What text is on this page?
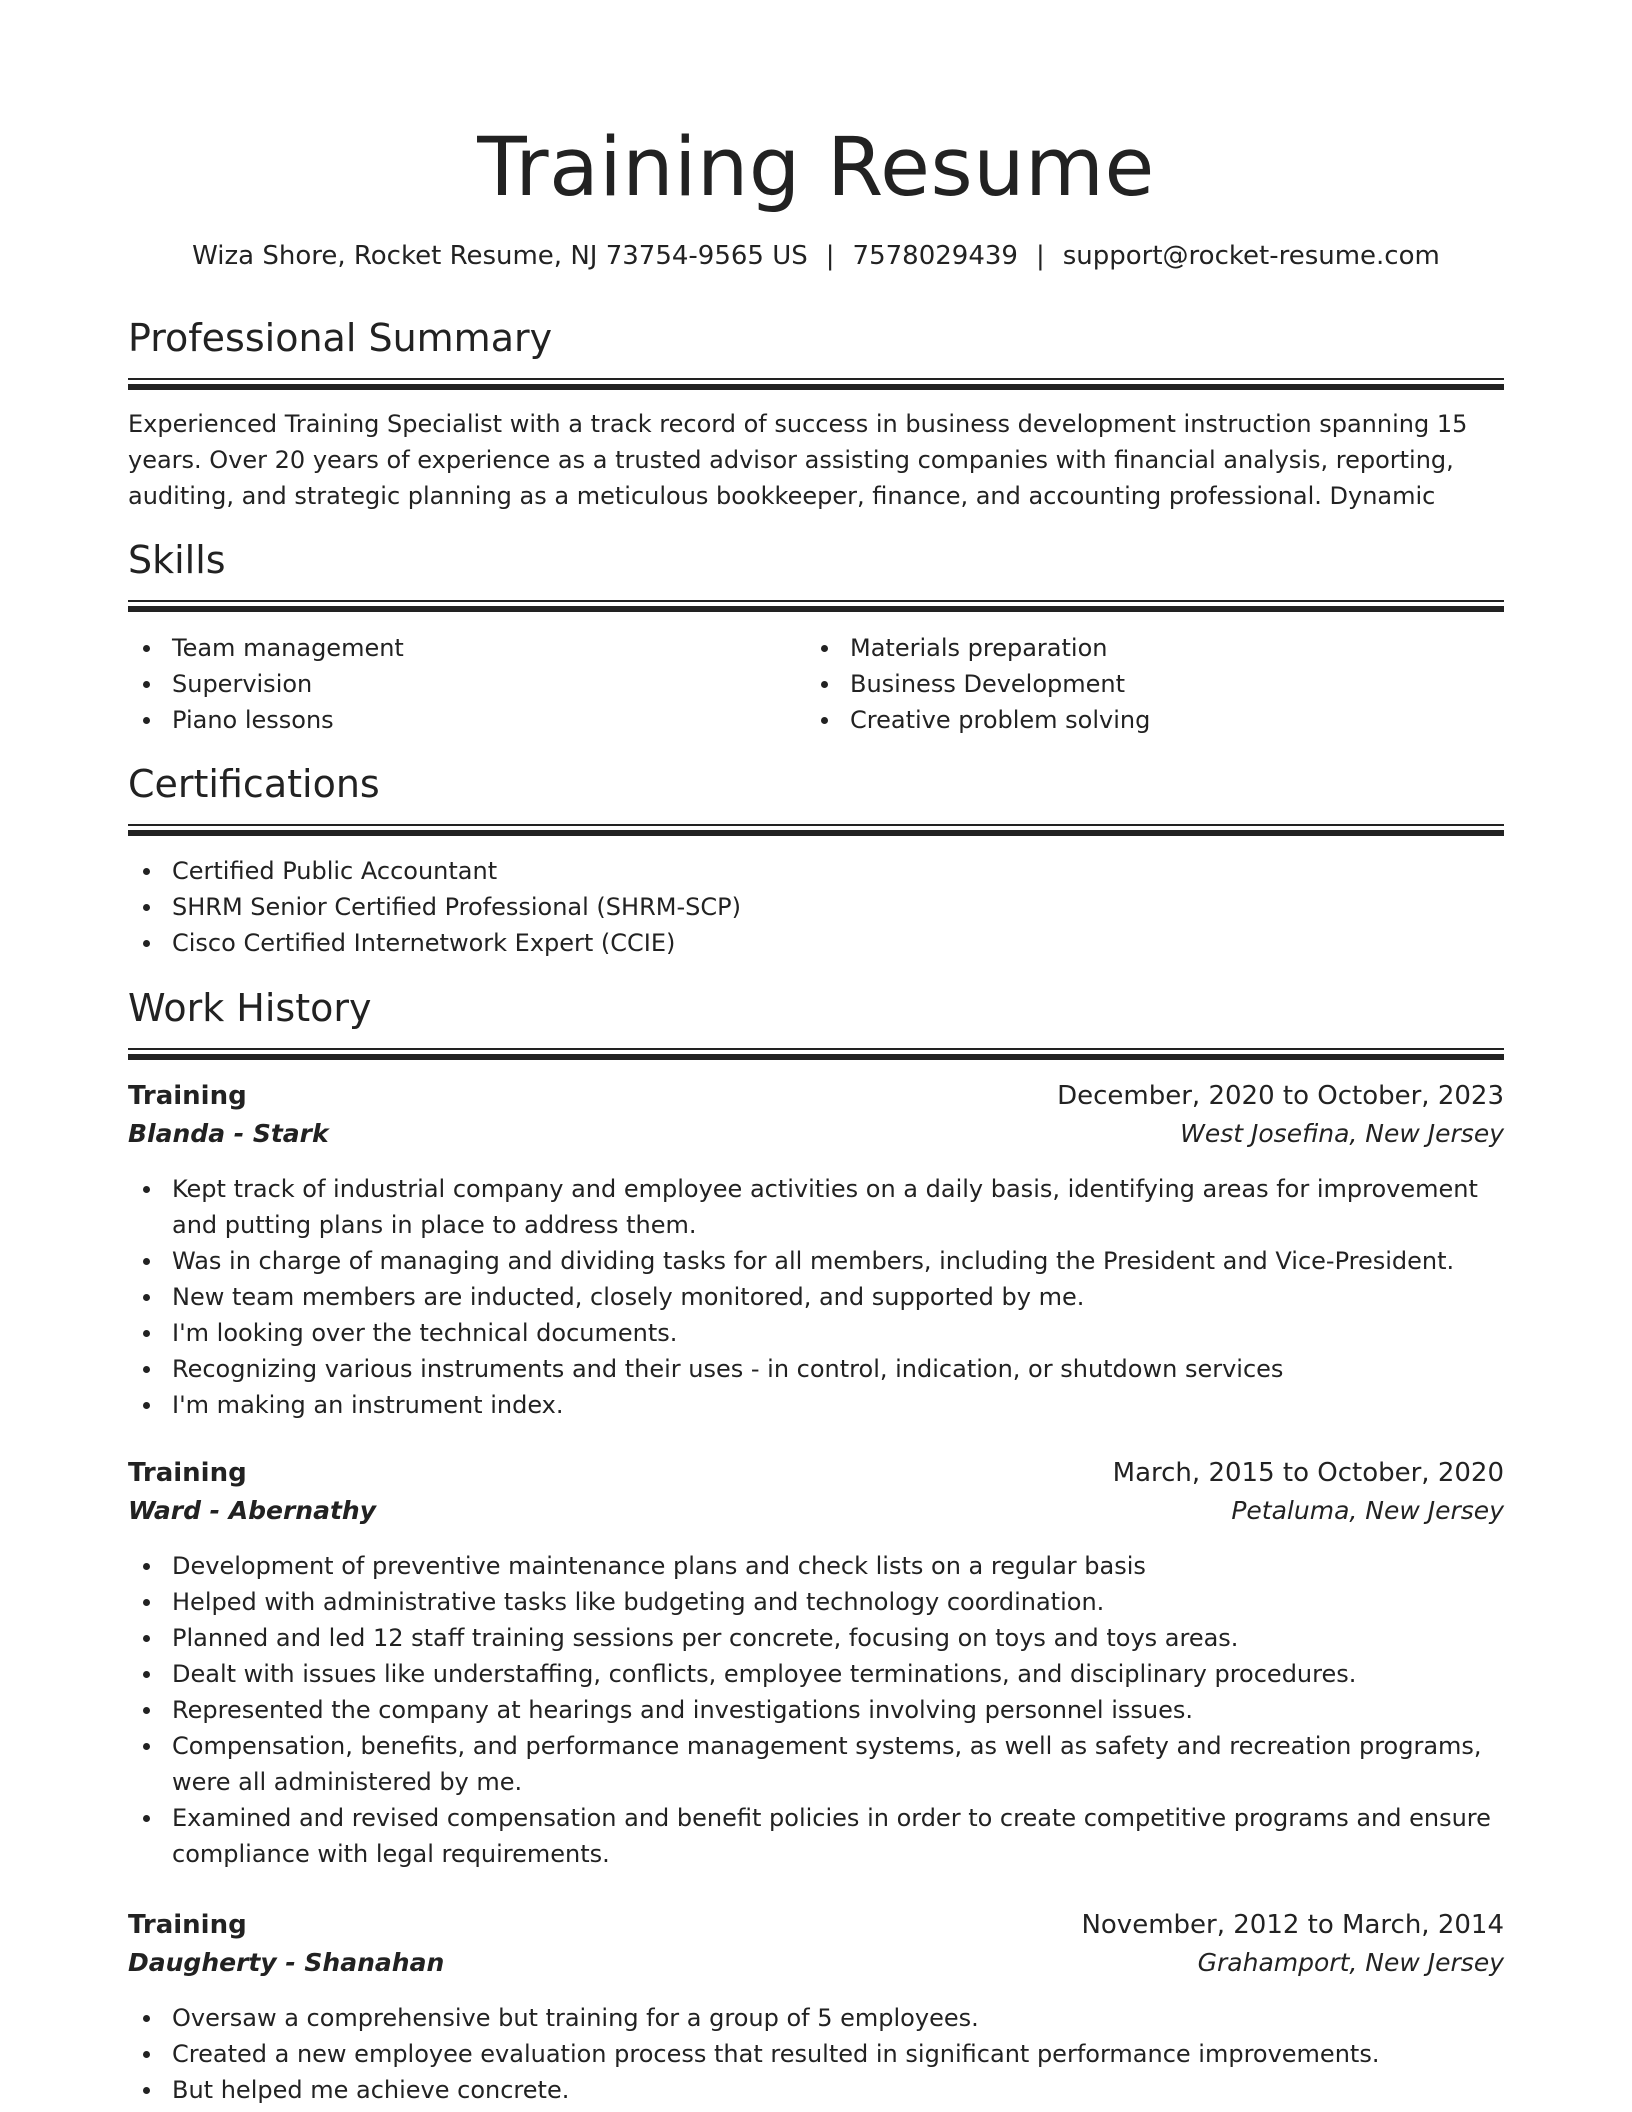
Training Resume
Wiza Shore, Rocket Resume, NJ 73754-9565 US | 7578029439 | support@rocket-resume.com
Professional Summary

Experienced Training Specialist with a track record of success in business development instruction spanning 15 years. Over 20 years of experience as a trusted advisor assisting companies with financial analysis, reporting, auditing, and strategic planning as a meticulous bookkeeper, finance, and accounting professional. Dynamic

Skills
Team management
Supervision
Piano lessons
Materials preparation
Business Development
Creative problem solving
Certifications
Certified Public Accountant
SHRM Senior Certified Professional (SHRM-SCP)
Cisco Certified Internetwork Expert (CCIE)
Work History
Training	December, 2020 to October, 2023
Blanda - Stark	West Josefina, New Jersey
Kept track of industrial company and employee activities on a daily basis, identifying areas for improvement and putting plans in place to address them.
Was in charge of managing and dividing tasks for all members, including the President and Vice-President.
New team members are inducted, closely monitored, and supported by me.
I'm looking over the technical documents.
Recognizing various instruments and their uses - in control, indication, or shutdown services
I'm making an instrument index.
Training	March, 2015 to October, 2020
Ward - Abernathy	Petaluma, New Jersey
Development of preventive maintenance plans and check lists on a regular basis
Helped with administrative tasks like budgeting and technology coordination.
Planned and led 12 staff training sessions per concrete, focusing on toys and toys areas.
Dealt with issues like understaffing, conflicts, employee terminations, and disciplinary procedures.
Represented the company at hearings and investigations involving personnel issues.
Compensation, benefits, and performance management systems, as well as safety and recreation programs, were all administered by me.
Examined and revised compensation and benefit policies in order to create competitive programs and ensure compliance with legal requirements.
Training	November, 2012 to March, 2014
Daugherty - Shanahan	Grahamport, New Jersey
Oversaw a comprehensive but training for a group of 5 employees.
Created a new employee evaluation process that resulted in significant performance improvements.
But helped me achieve concrete.
